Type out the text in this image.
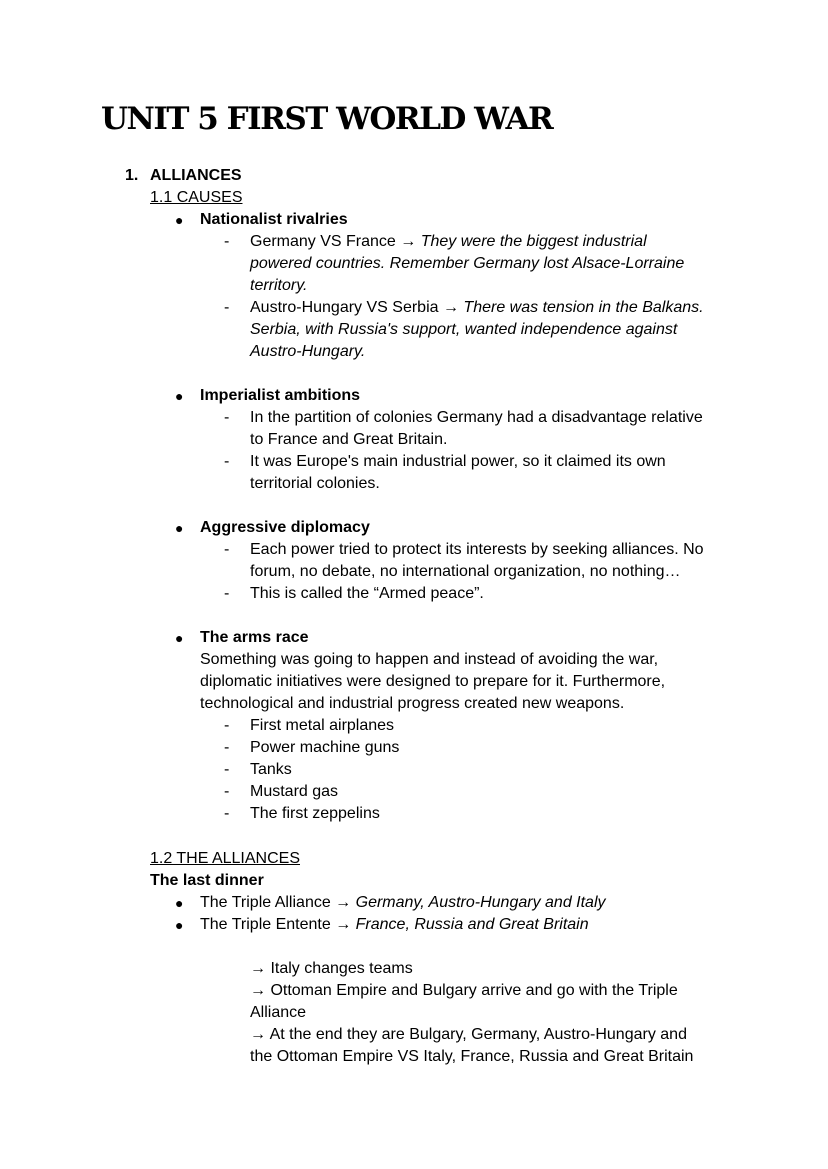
UNIT 5 FIRST WORLD WAR
1. ALLIANCES
1.1 CAUSES
● Nationalist rivalries
- Germany VS France → They were the biggest industrial
powered countries. Remember Germany lost Alsace-Lorraine
territory.
- Austro-Hungary VS Serbia → There was tension in the Balkans.
Serbia, with Russia's support, wanted independence against
Austro-Hungary.
● Imperialist ambitions
- In the partition of colonies Germany had a disadvantage relative
to France and Great Britain.
- It was Europe's main industrial power, so it claimed its own
territorial colonies.
● Aggressive diplomacy
- Each power tried to protect its interests by seeking alliances. No
forum, no debate, no international organization, no nothing…
- This is called the “Armed peace”.
● The arms race
Something was going to happen and instead of avoiding the war,
diplomatic initiatives were designed to prepare for it. Furthermore,
technological and industrial progress created new weapons.
- First metal airplanes
- Power machine guns
- Tanks
- Mustard gas
- The first zeppelins
1.2 THE ALLIANCES
The last dinner
● The Triple Alliance → Germany, Austro-Hungary and Italy
● The Triple Entente → France, Russia and Great Britain
→ Italy changes teams
→ Ottoman Empire and Bulgary arrive and go with the Triple
Alliance
→ At the end they are Bulgary, Germany, Austro-Hungary and
the Ottoman Empire VS Italy, France, Russia and Great Britain
